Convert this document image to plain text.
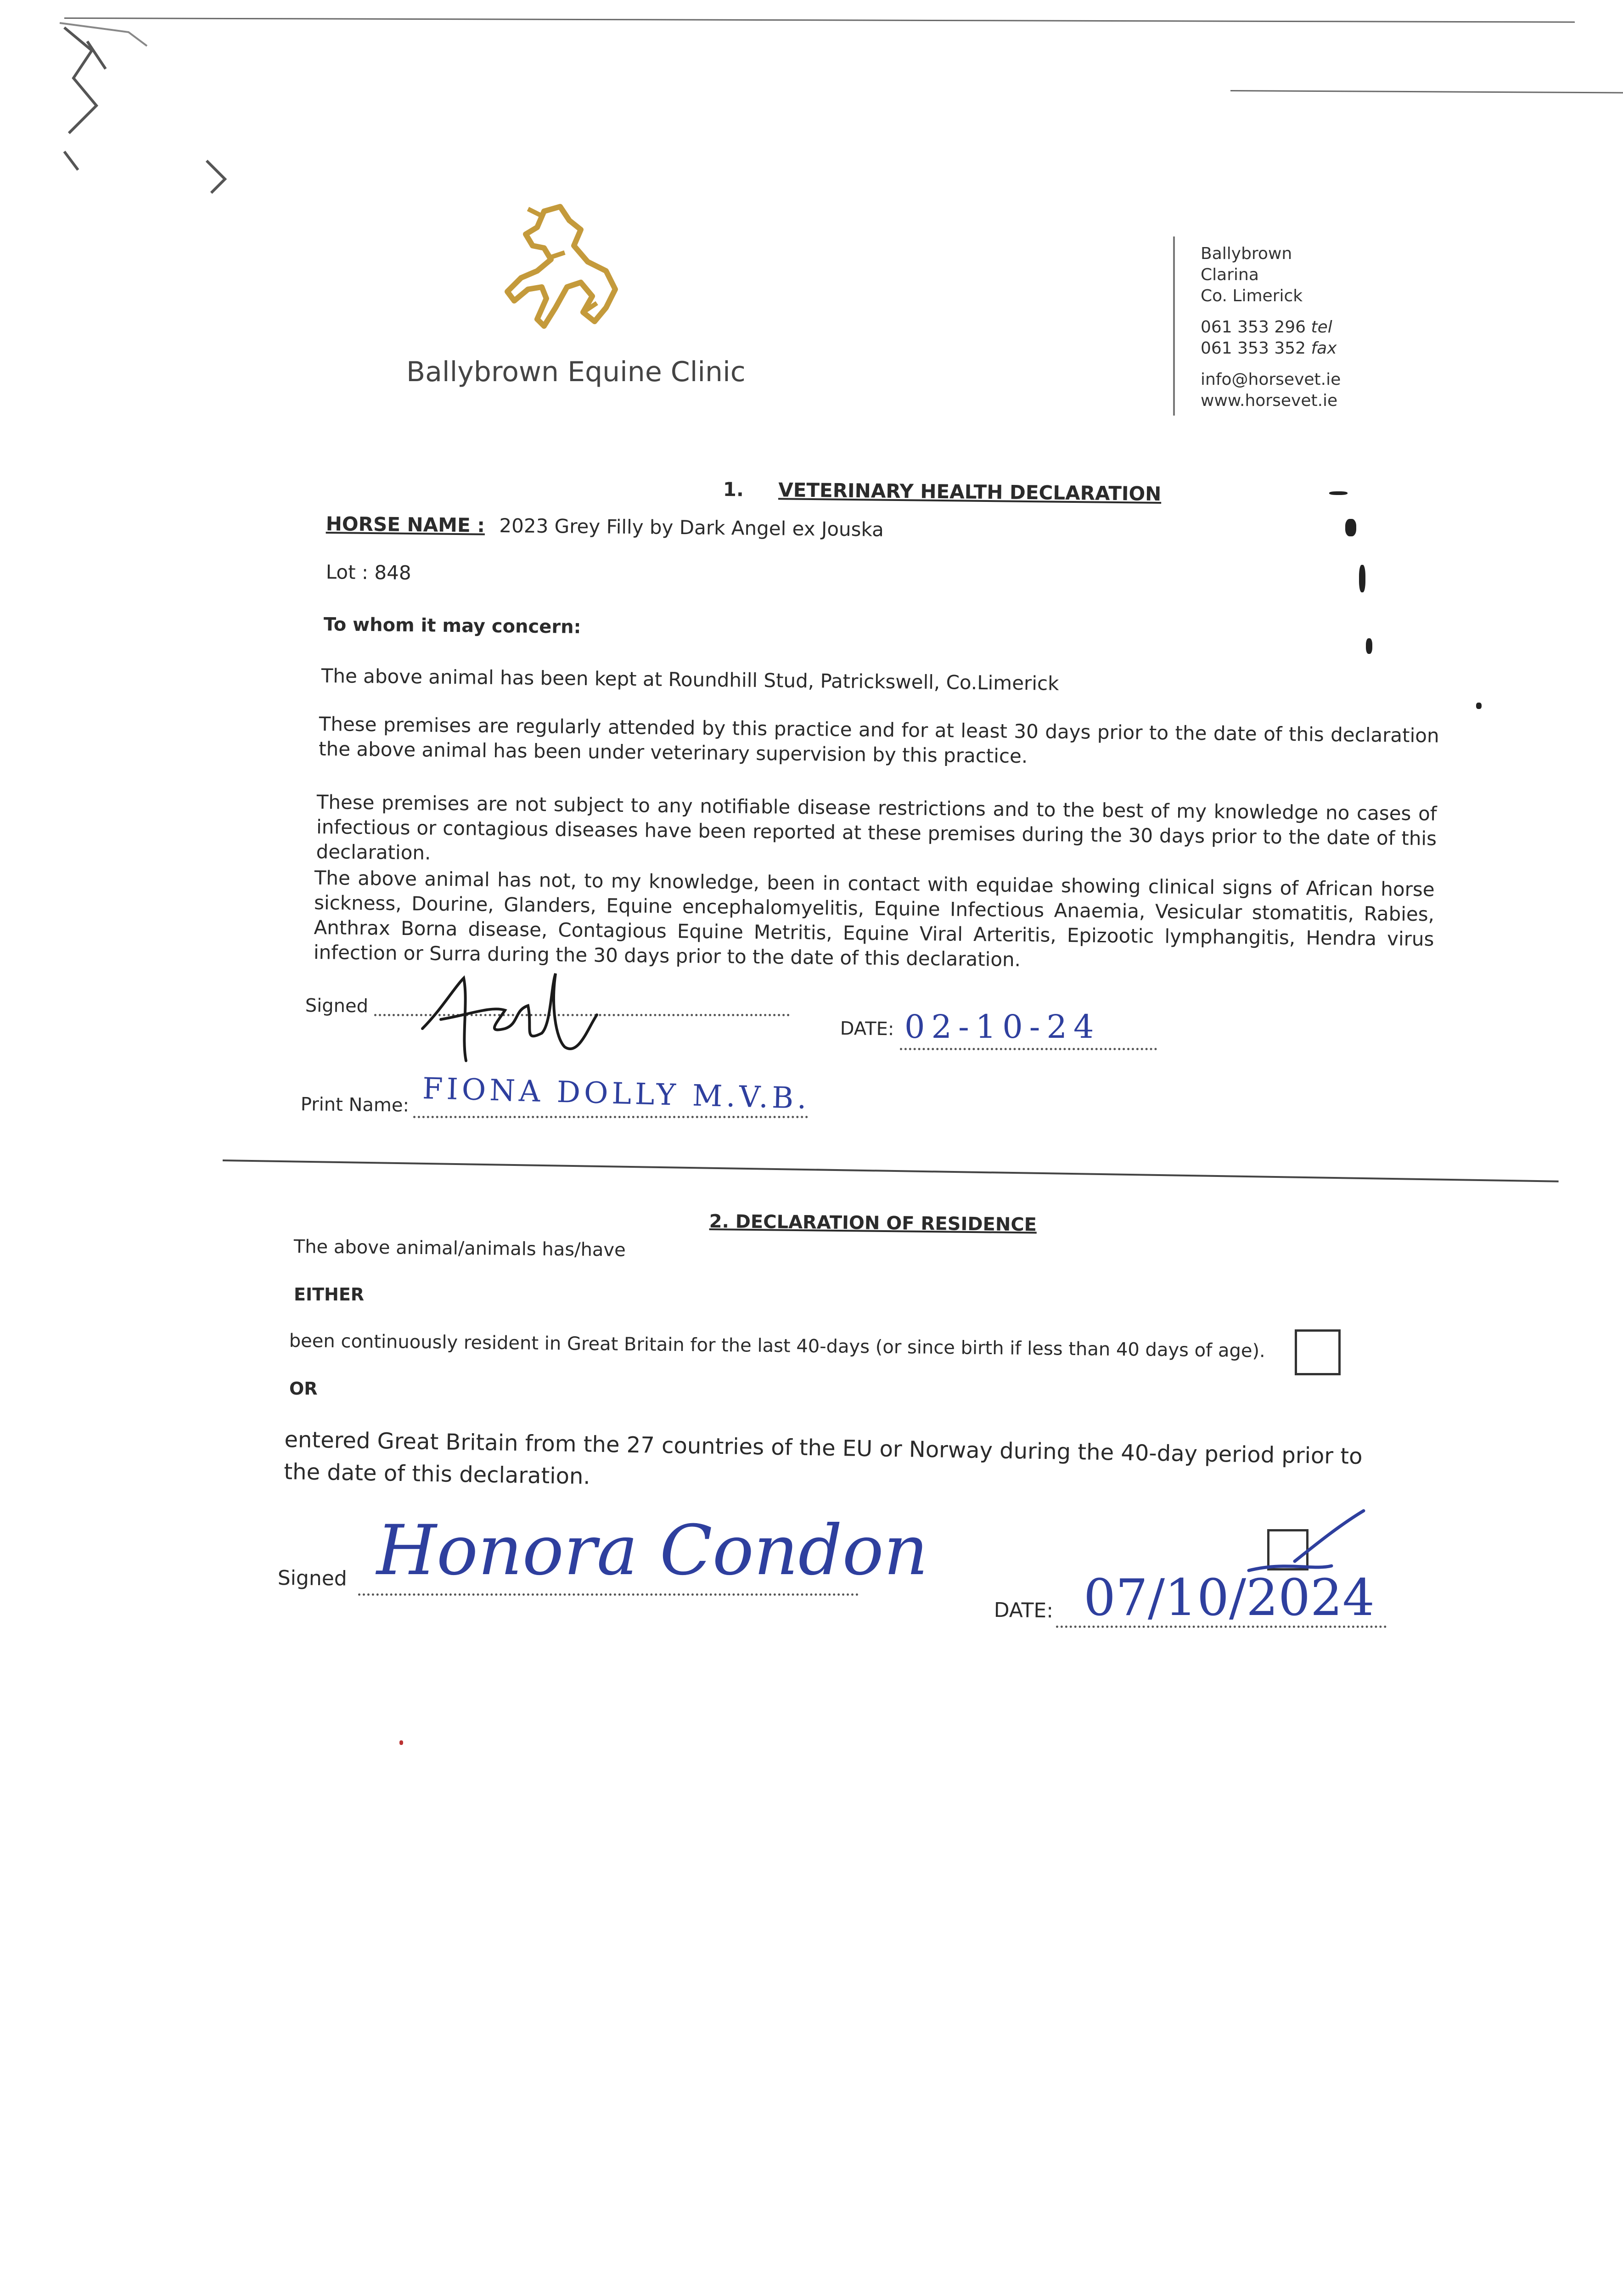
Ballybrown Equine Clinic
Ballybrown
Clarina
Co. Limerick
061 353 296 tel
061 353 352 fax
info@horsevet.ie
www.horsevet.ie
1. VETERINARY HEALTH DECLARATION
HORSE NAME : 2023 Grey Filly by Dark Angel ex Jouska
Lot : 848
To whom it may concern:
The above animal has been kept at Roundhill Stud, Patrickswell, Co.Limerick
These premises are regularly attended by this practice and for at least 30 days prior to the date of this declaration the above animal has been under veterinary supervision by this practice.
These premises are not subject to any notifiable disease restrictions and to the best of my knowledge no cases of infectious or contagious diseases have been reported at these premises during the 30 days prior to the date of this declaration.
The above animal has not, to my knowledge, been in contact with equidae showing clinical signs of African horse sickness, Dourine, Glanders, Equine encephalomyelitis, Equine Infectious Anaemia, Vesicular stomatitis, Rabies, Anthrax Borna disease, Contagious Equine Metritis, Equine Viral Arteritis, Epizootic lymphangitis, Hendra virus infection or Surra during the 30 days prior to the date of this declaration.
Signed
DATE: 02-10-24
Print Name: FIONA DOLLY M.V.B.
2. DECLARATION OF RESIDENCE
The above animal/animals has/have
EITHER
been continuously resident in Great Britain for the last 40-days (or since birth if less than 40 days of age).
OR
entered Great Britain from the 27 countries of the EU or Norway during the 40-day period prior to the date of this declaration.
Signed Honora Condon
DATE: 07/10/2024
